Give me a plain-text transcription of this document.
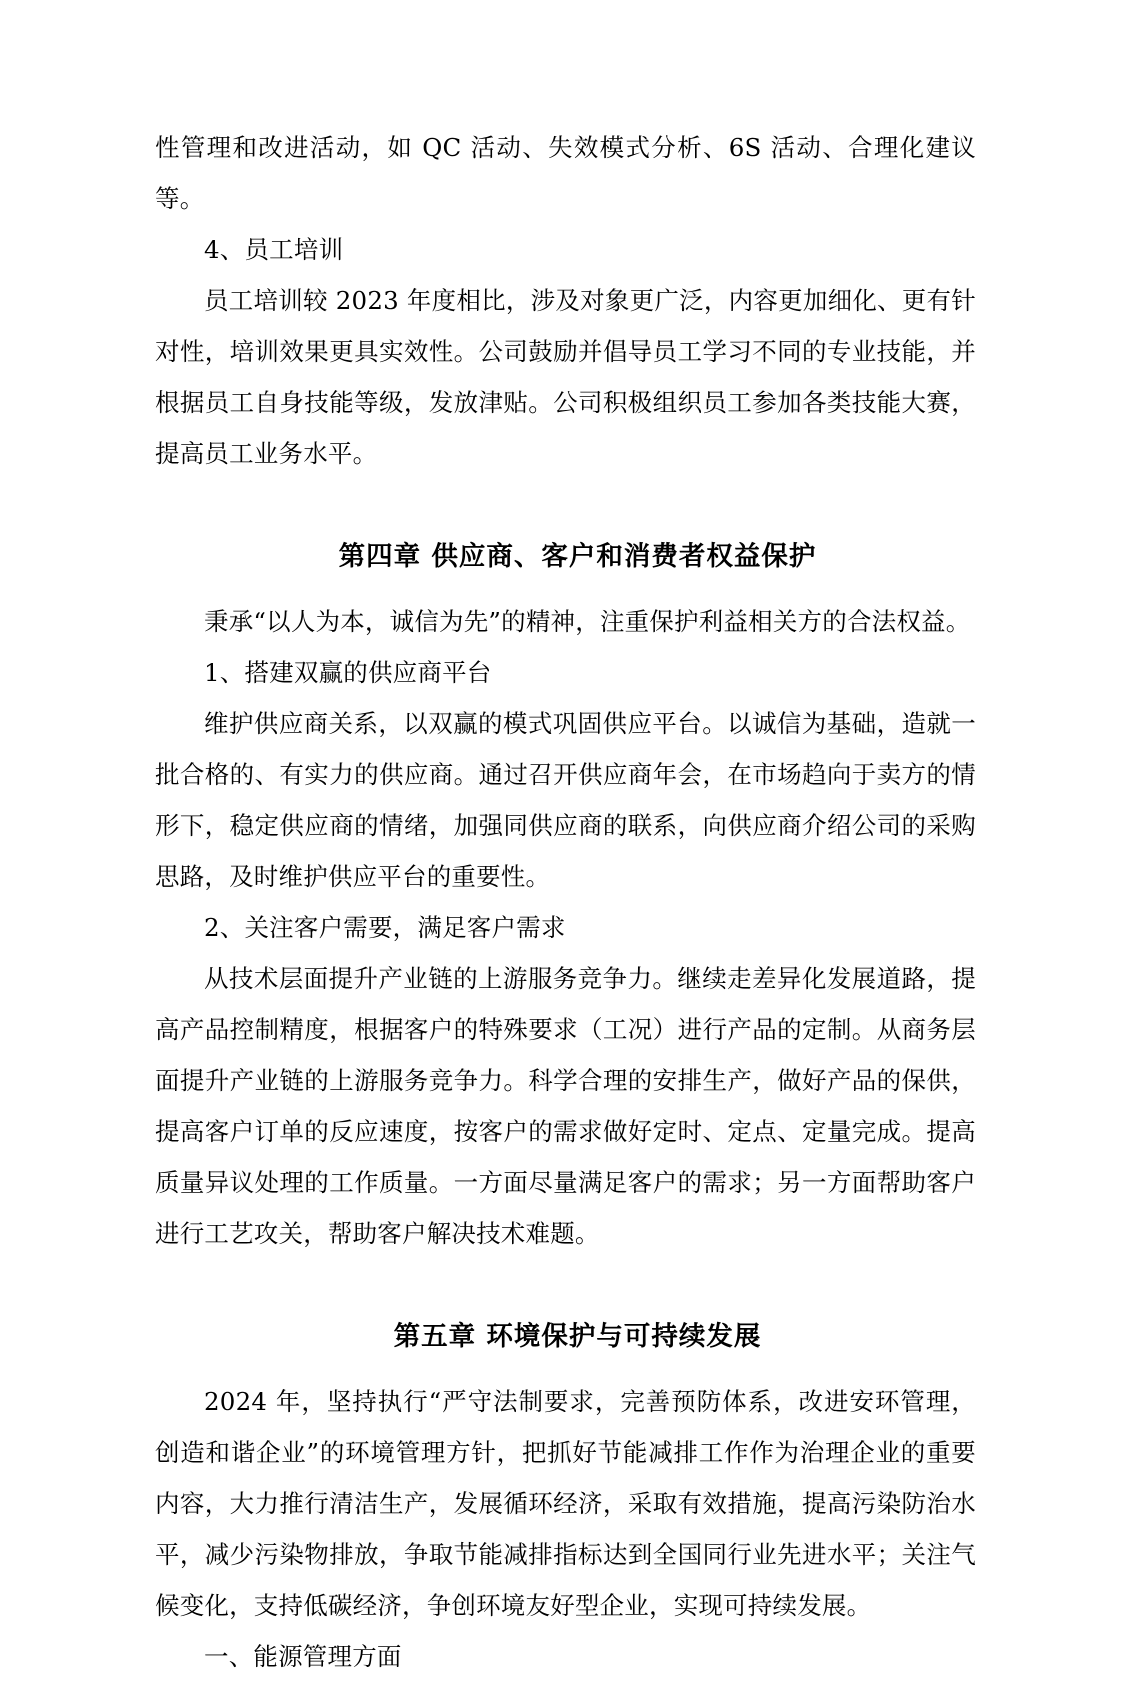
性管理和改进活动，如 QC 活动、失效模式分析、6S 活动、合理化建议等。

4、员工培训

员工培训较 2023 年度相比，涉及对象更广泛，内容更加细化、更有针对性，培训效果更具实效性。公司鼓励并倡导员工学习不同的专业技能，并根据员工自身技能等级，发放津贴。公司积极组织员工参加各类技能大赛，提高员工业务水平。

第四章 供应商、客户和消费者权益保护

秉承“以人为本，诚信为先”的精神，注重保护利益相关方的合法权益。

1、搭建双赢的供应商平台

维护供应商关系，以双赢的模式巩固供应平台。以诚信为基础，造就一批合格的、有实力的供应商。通过召开供应商年会，在市场趋向于卖方的情形下，稳定供应商的情绪，加强同供应商的联系，向供应商介绍公司的采购思路，及时维护供应平台的重要性。

2、关注客户需要，满足客户需求

从技术层面提升产业链的上游服务竞争力。继续走差异化发展道路，提高产品控制精度，根据客户的特殊要求（工况）进行产品的定制。从商务层面提升产业链的上游服务竞争力。科学合理的安排生产，做好产品的保供，提高客户订单的反应速度，按客户的需求做好定时、定点、定量完成。提高质量异议处理的工作质量。一方面尽量满足客户的需求；另一方面帮助客户进行工艺攻关，帮助客户解决技术难题。

第五章 环境保护与可持续发展

2024 年，坚持执行“严守法制要求，完善预防体系，改进安环管理，创造和谐企业”的环境管理方针，把抓好节能减排工作作为治理企业的重要内容，大力推行清洁生产，发展循环经济，采取有效措施，提高污染防治水平，减少污染物排放，争取节能减排指标达到全国同行业先进水平；关注气候变化，支持低碳经济，争创环境友好型企业，实现可持续发展。

一、能源管理方面
